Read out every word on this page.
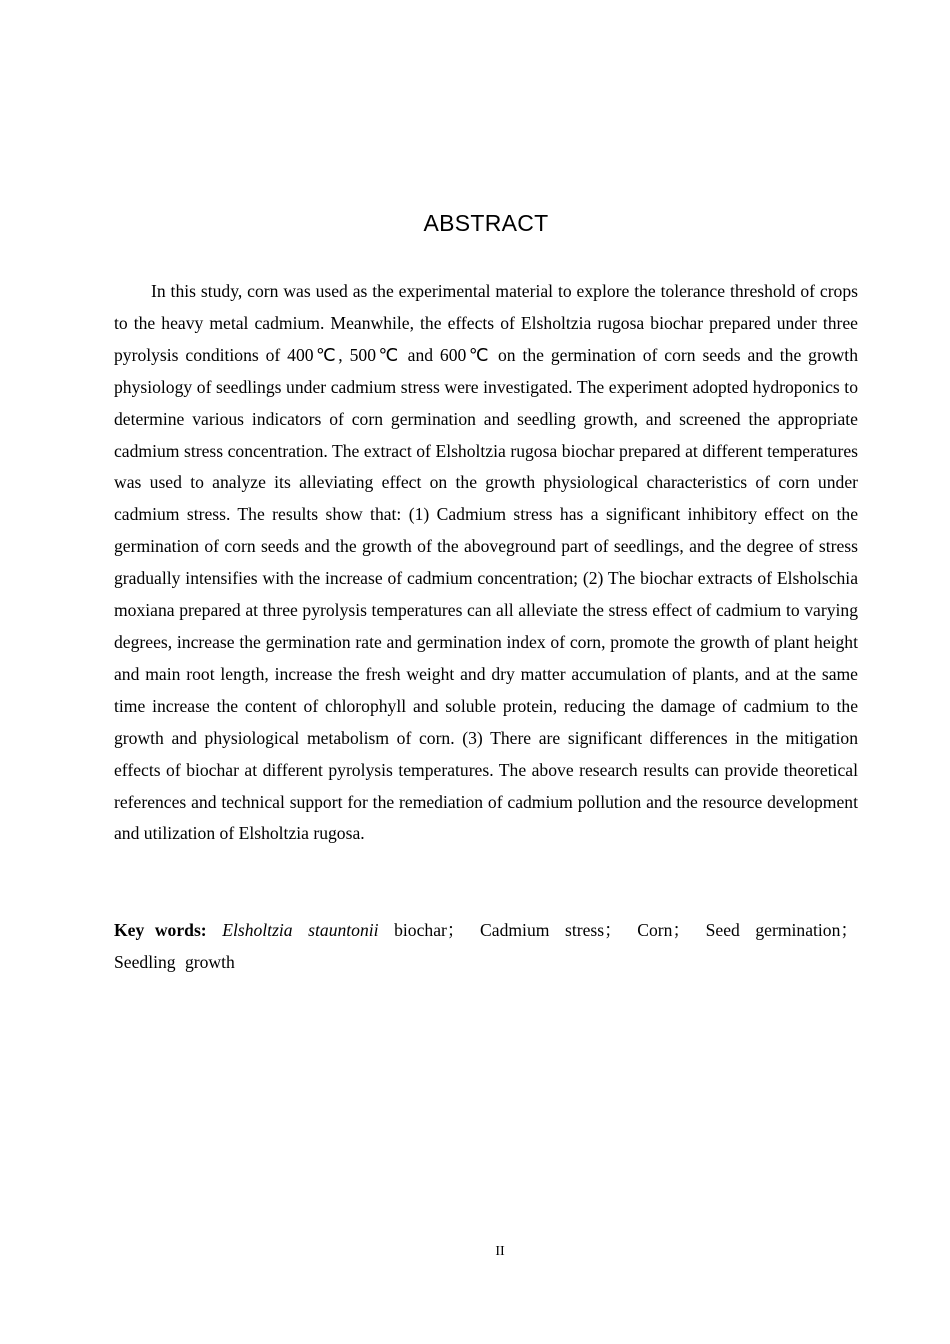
ABSTRACT

In this study, corn was used as the experimental material to explore the tolerance threshold of crops to the heavy metal cadmium. Meanwhile, the effects of Elsholtzia rugosa biochar prepared under three pyrolysis conditions of 400℃, 500℃ and 600℃ on the germination of corn seeds and the growth physiology of seedlings under cadmium stress were investigated. The experiment adopted hydroponics to determine various indicators of corn germination and seedling growth, and screened the appropriate cadmium stress concentration. The extract of Elsholtzia rugosa biochar prepared at different temperatures was used to analyze its alleviating effect on the growth physiological characteristics of corn under cadmium stress. The results show that: (1) Cadmium stress has a significant inhibitory effect on the germination of corn seeds and the growth of the aboveground part of seedlings, and the degree of stress gradually intensifies with the increase of cadmium concentration; (2) The biochar extracts of Elsholschia moxiana prepared at three pyrolysis temperatures can all alleviate the stress effect of cadmium to varying degrees, increase the germination rate and germination index of corn, promote the growth of plant height and main root length, increase the fresh weight and dry matter accumulation of plants, and at the same time increase the content of chlorophyll and soluble protein, reducing the damage of cadmium to the growth and physiological metabolism of corn. (3) There are significant differences in the mitigation effects of biochar at different pyrolysis temperatures. The above research results can provide theoretical references and technical support for the remediation of cadmium pollution and the resource development and utilization of Elsholtzia rugosa.

Key words: Elsholtzia stauntonii biochar； Cadmium stress； Corn； Seed germination； Seedling growth

II
